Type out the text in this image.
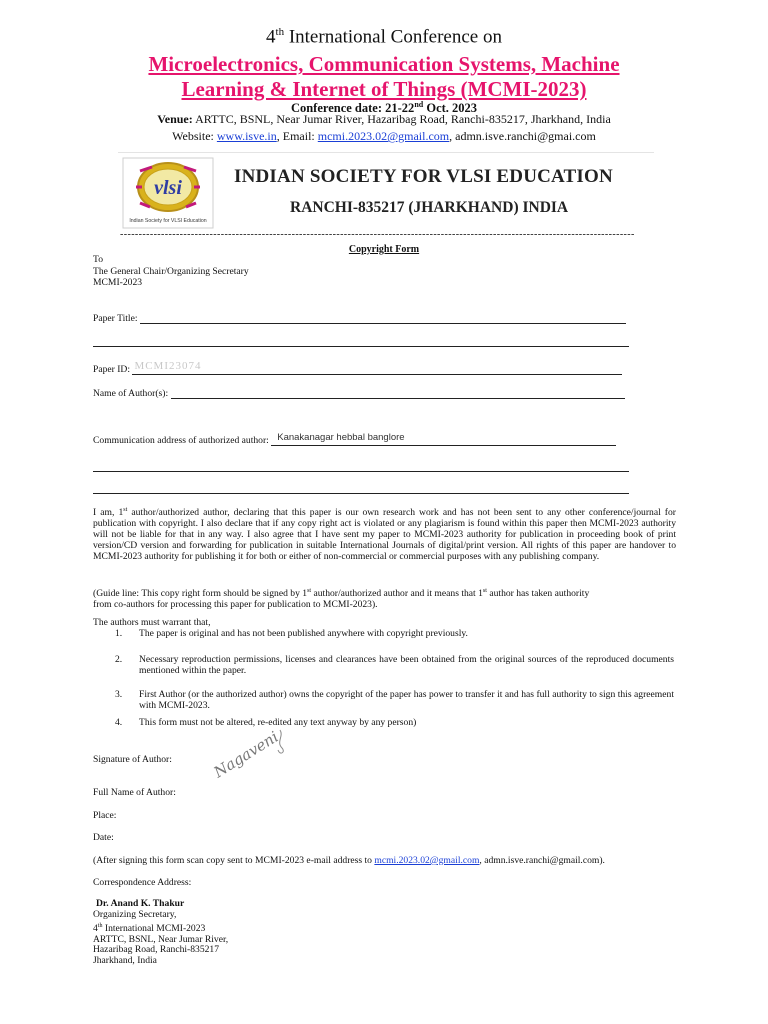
4th International Conference on
Microelectronics, Communication Systems, Machine
Learning & Internet of Things (MCMI-2023)
Conference date: 21-22nd Oct. 2023
Venue: ARTTC, BSNL, Near Jumar River, Hazaribag Road, Ranchi-835217, Jharkhand, India
Website: www.isve.in, Email: mcmi.2023.02@gmail.com, admn.isve.ranchi@gmai.com
vlsi
Indian Society for VLSI Education
INDIAN SOCIETY FOR VLSI EDUCATION
RANCHI-835217 (JHARKHAND) INDIA
------------------------------------------------------------------------------------------------------------------------------------------
Copyright Form
To
The General Chair/Organizing Secretary
MCMI-2023
Paper Title:
Paper ID: MCMI23074
Name of Author(s):
Communication address of authorized author: Kanakanagar hebbal banglore
I am, 1st author/authorized author, declaring that this paper is our own research work and has not been sent to any other conference/journal for publication with copyright. I also declare that if any copy right act is violated or any plagiarism is found within this paper then MCMI-2023 authority will not be liable for that in any way. I also agree that I have sent my paper to MCMI-2023 authority for publication in proceeding book of print version/CD version and forwarding for publication in suitable International Journals of digital/print version. All rights of this paper are handover to MCMI-2023 authority for publishing it for both or either of non-commercial or commercial purposes with any publishing company.
(Guide line: This copy right form should be signed by 1st author/authorized author and it means that 1st author has taken authority
from co-authors for processing this paper for publication to MCMI-2023).
The authors must warrant that,
1. The paper is original and has not been published anywhere with copyright previously.
2. Necessary reproduction permissions, licenses and clearances have been obtained from the original sources of the reproduced documents mentioned within the paper.
3. First Author (or the authorized author) owns the copyright of the paper has power to transfer it and has full authority to sign this agreement with MCMI-2023.
4. This form must not be altered, re-edited any text anyway by any person)
Signature of Author:	Nagaveni
Full Name of Author:
Place:
Date:
(After signing this form scan copy sent to MCMI-2023 e-mail address to mcmi.2023.02@gmail.com, admn.isve.ranchi@gmail.com).
Correspondence Address:
Dr. Anand K. Thakur
Organizing Secretary,
4th International MCMI-2023
ARTTC, BSNL, Near Jumar River,
Hazaribag Road, Ranchi-835217
Jharkhand, India
